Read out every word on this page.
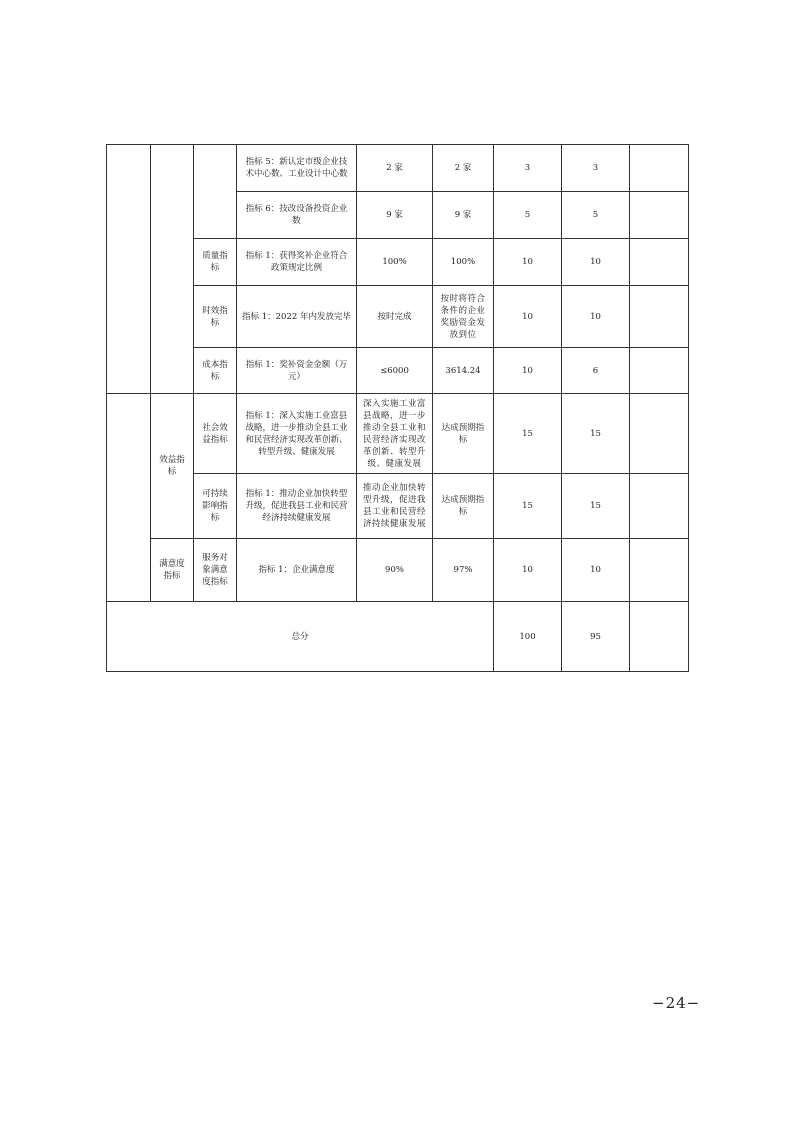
			指标 5：新认定市级企业技术中心数、工业设计中心数	2 家	2 家	3	3	
			指标 6：技改设备投资企业数	9 家	9 家	5	5	
		质量指标	指标 1：获得奖补企业符合政策规定比例	100%	100%	10	10	
		时效指标	指标 1：2022 年内发放完毕	按时完成	按时将符合条件的企业奖励资金发放到位	10	10	
		成本指标	指标 1：奖补资金金额（万元）	≤6000	3614.24	10	6	
	效益指标	社会效益指标	指标 1：深入实施工业富县战略，进一步推动全县工业和民营经济实现改革创新、转型升级、健康发展	深入实施工业富县战略，进一步推动全县工业和民营经济实现改革创新、转型升级、健康发展	达成预期指标	15	15	
		可持续影响指标	指标 1：推动企业加快转型升级，促进我县工业和民营经济持续健康发展	推动企业加快转型升级，促进我县工业和民营经济持续健康发展	达成预期指标	15	15	
	满意度指标	服务对象满意度指标	指标 1：企业满意度	90%	97%	10	10	
总分						100	95	
−24−
